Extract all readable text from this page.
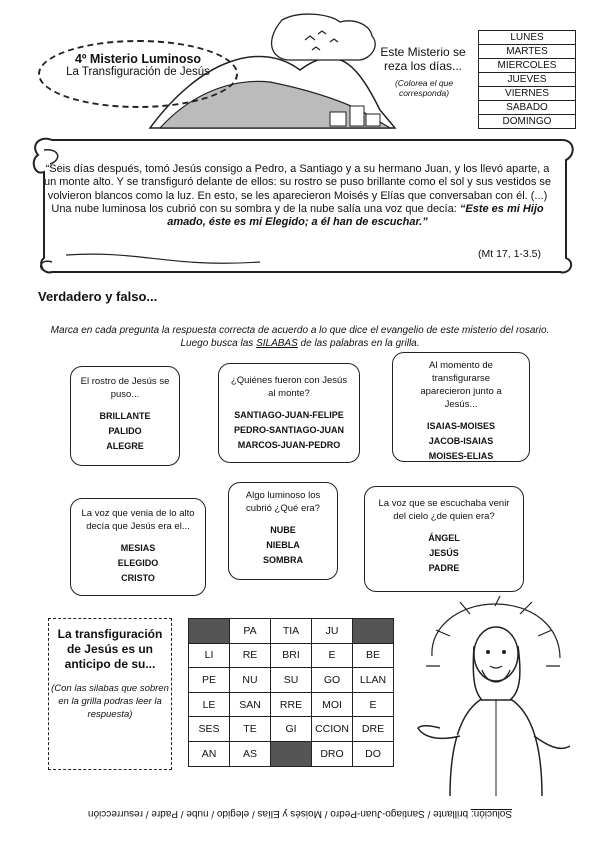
4º Misterio Luminoso
La Transfiguración de Jesús
Este Misterio se reza los días...
(Colorea el que corresponda)
LUNES
MARTES
MIERCOLES
JUEVES
VIERNES
SABADO
DOMINGO
“Seis días después, tomó Jesús consigo a Pedro, a Santiago y a su hermano Juan, y los llevó aparte, a un monte alto. Y se transfiguró delante de ellos: su rostro se puso brillante como el sol y sus vestidos se volvieron blancos como la luz. En esto, se les aparecieron Moisés y Elías que conversaban con él. (...) Una nube luminosa los cubrió con su sombra y de la nube salía una voz que decía: “Este es mi Hijo amado, éste es mi Elegido; a él han de escuchar.”
(Mt 17, 1-3.5)
Verdadero y falso...
Marca en cada pregunta la respuesta correcta de acuerdo a lo que dice el evangelio de este misterio del rosario. Luego busca las SILABAS de las palabras en la grilla.
El rostro de Jesús se puso...
BRILLANTE
PALIDO
ALEGRE
¿Quiénes fueron con Jesús al monte?
SANTIAGO-JUAN-FELIPE
PEDRO-SANTIAGO-JUAN
MARCOS-JUAN-PEDRO
Al momento de transfigurarse aparecieron junto a Jesús...
ISAIAS-MOISES
JACOB-ISAIAS
MOISES-ELIAS
La voz que venia de lo alto decía que Jesús era el...
MESIAS
ELEGIDO
CRISTO
Algo luminoso los cubrió ¿Qué era?
NUBE
NIEBLA
SOMBRA
La voz que se escuchaba venir del cielo ¿de quien era?
ÁNGEL
JESÚS
PADRE
La transfiguración de Jesús es un anticipo de su...
(Con las silabas que sobren en la grilla podras leer la respuesta)
	PA	TIA	JU	
LI	RE	BRI	E	BE
PE	NU	SU	GO	LLAN
LE	SAN	RRE	MOI	E
SES	TE	GI	CCION	DRE
AN	AS		DRO	DO
Solución: brillante / Santiago-Juan-Pedro / Moisés y Elías / elegido / nube / Padre / resurrección
